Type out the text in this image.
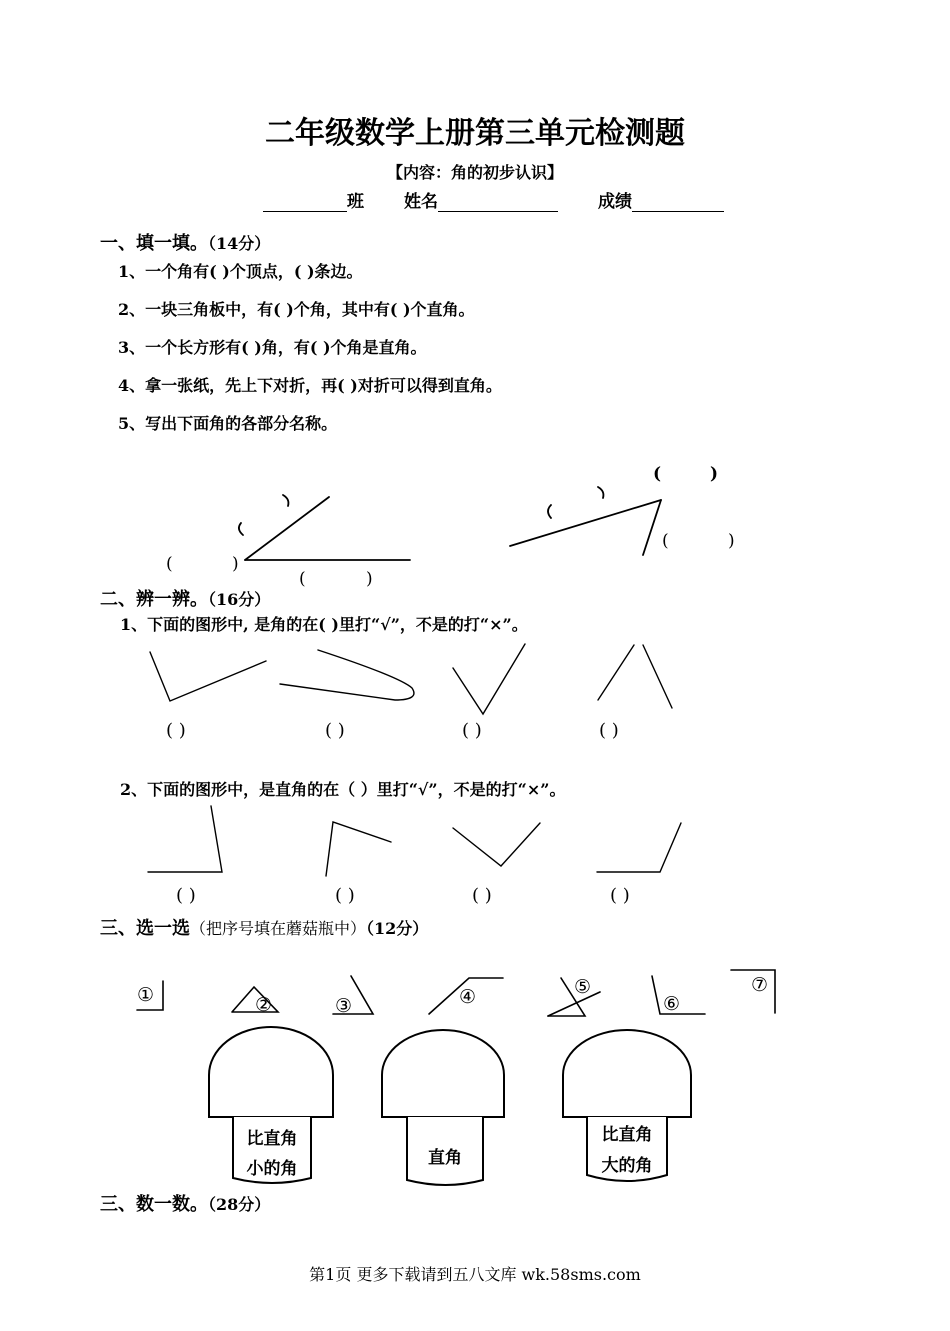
二年级数学上册第三单元检测题
【内容：角的初步认识】
班 姓名	成绩
一、填一填。（14分）
1、一个角有( )个顶点，( )条边。
2、一块三角板中，有( )个角，其中有( )个直角。
3、一个长方形有( )角，有( )个角是直角。
4、拿一张纸，先上下对折，再( )对折可以得到直角。
5、写出下面角的各部分名称。
二、辨一辨。（16分）
1、下面的图形中, 是角的在( )里打“√”，不是的打“×”。
2、下面的图形中，是直角的在（ ）里打“√”，不是的打“×”。
( )	( )	( )	( )
( )	( )	( )	( )
三、选一选（把序号填在蘑菇瓶中）（12分）
三、数一数。（28分）
第1页 更多下载请到五八文库 wk.58sms.com
(	)
(	)
(	)
(	)
①	②	③	④	⑤
⑥
⑦
比直角
小的角
直角
比直角
大的角
